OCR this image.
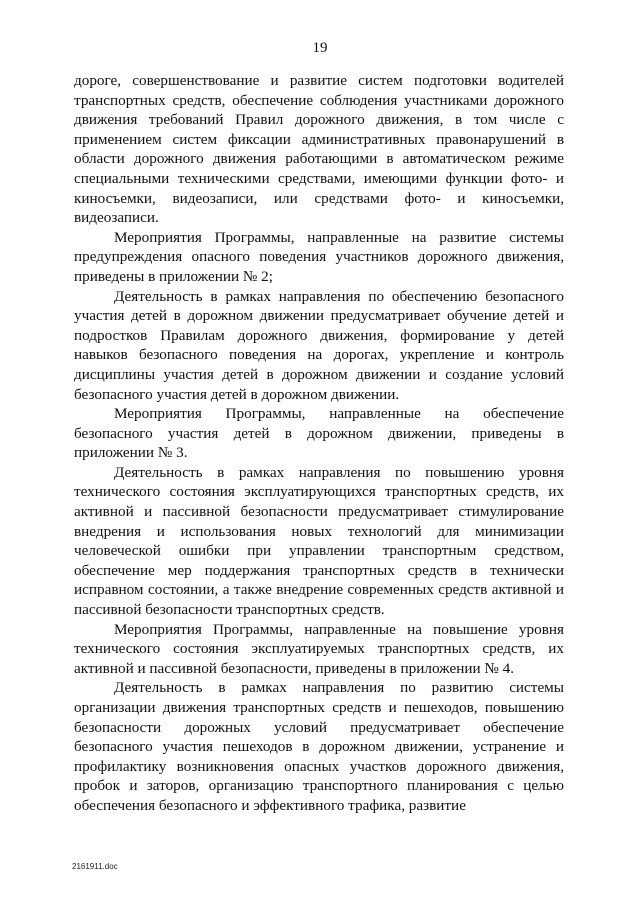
19

дороге, совершенствование и развитие систем подготовки водителей транспортных средств, обеспечение соблюдения участниками дорожного движения требований Правил дорожного движения, в том числе с применением систем фиксации административных правонарушений в области дорожного движения работающими в автоматическом режиме специальными техническими средствами, имеющими функции фото- и киносъемки, видеозаписи, или средствами фото- и киносъемки, видеозаписи.

Мероприятия Программы, направленные на развитие системы предупреждения опасного поведения участников дорожного движения, приведены в приложении № 2;

Деятельность в рамках направления по обеспечению безопасного участия детей в дорожном движении предусматривает обучение детей и подростков Правилам дорожного движения, формирование у детей навыков безопасного поведения на дорогах, укрепление и контроль дисциплины участия детей в дорожном движении и создание условий безопасного участия детей в дорожном движении.

Мероприятия Программы, направленные на обеспечение безопасного участия детей в дорожном движении, приведены в приложении № 3.

Деятельность в рамках направления по повышению уровня технического состояния эксплуатирующихся транспортных средств, их активной и пассивной безопасности предусматривает стимулирование внедрения и использования новых технологий для минимизации человеческой ошибки при управлении транспортным средством, обеспечение мер поддержания транспортных средств в технически исправном состоянии, а также внедрение современных средств активной и пассивной безопасности транспортных средств.

Мероприятия Программы, направленные на повышение уровня технического состояния эксплуатируемых транспортных средств, их активной и пассивной безопасности, приведены в приложении № 4.

Деятельность в рамках направления по развитию системы организации движения транспортных средств и пешеходов, повышению безопасности дорожных условий предусматривает обеспечение безопасного участия пешеходов в дорожном движении, устранение и профилактику возникновения опасных участков дорожного движения, пробок и заторов, организацию транспортного планирования с целью обеспечения безопасного и эффективного трафика, развитие

2161911.doc
